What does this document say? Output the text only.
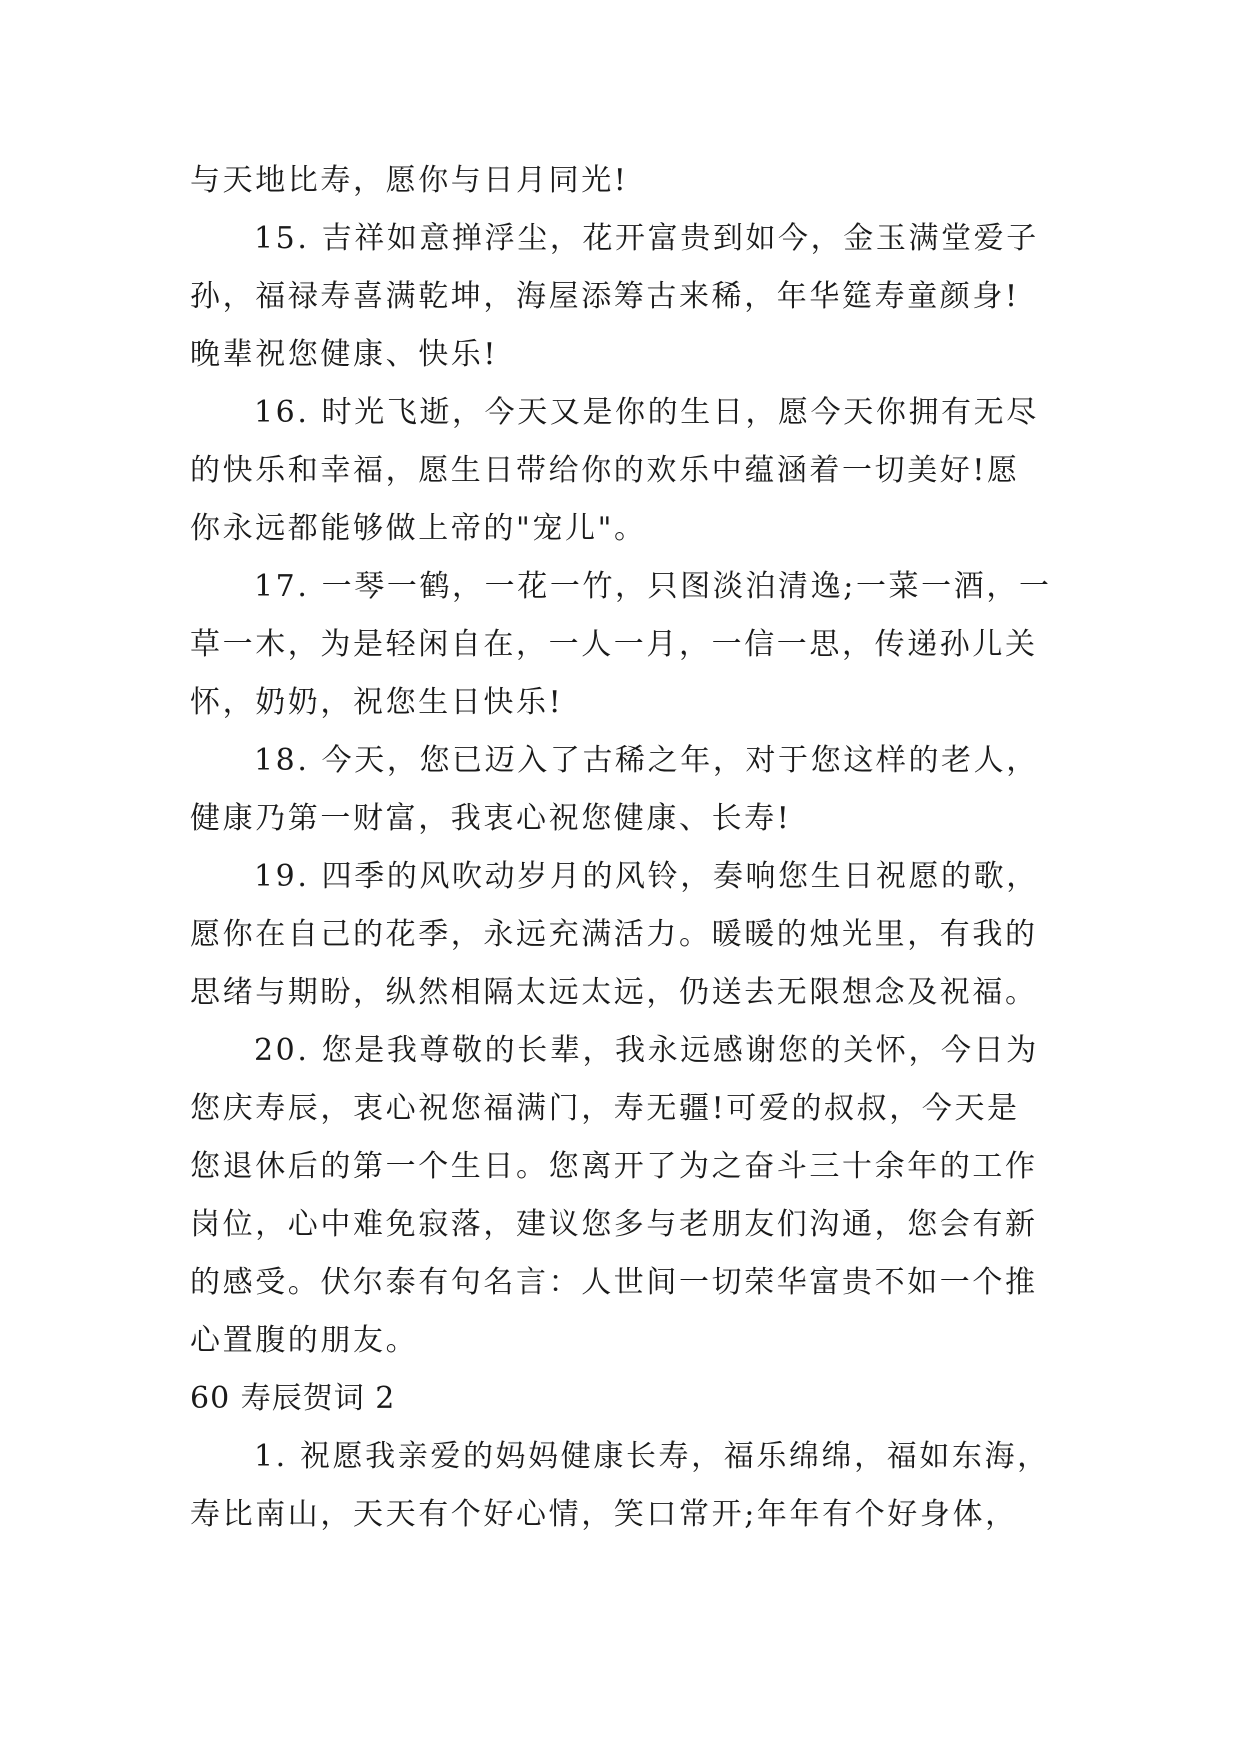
与天地比寿，愿你与日月同光!
15. 吉祥如意掸浮尘，花开富贵到如今，金玉满堂爱子
孙，福禄寿喜满乾坤，海屋添筹古来稀，年华筵寿童颜身!
晚辈祝您健康、快乐!
16. 时光飞逝，今天又是你的生日，愿今天你拥有无尽
的快乐和幸福，愿生日带给你的欢乐中蕴涵着一切美好!愿
你永远都能够做上帝的"宠儿"。
17. 一琴一鹤，一花一竹，只图淡泊清逸;一菜一酒，一
草一木，为是轻闲自在，一人一月，一信一思，传递孙儿关
怀，奶奶，祝您生日快乐!
18. 今天，您已迈入了古稀之年，对于您这样的老人，
健康乃第一财富，我衷心祝您健康、长寿!
19. 四季的风吹动岁月的风铃，奏响您生日祝愿的歌，
愿你在自己的花季，永远充满活力。暖暖的烛光里，有我的
思绪与期盼，纵然相隔太远太远，仍送去无限想念及祝福。
20. 您是我尊敬的长辈，我永远感谢您的关怀，今日为
您庆寿辰，衷心祝您福满门，寿无疆!可爱的叔叔，今天是
您退休后的第一个生日。您离开了为之奋斗三十余年的工作
岗位，心中难免寂落，建议您多与老朋友们沟通，您会有新
的感受。伏尔泰有句名言：人世间一切荣华富贵不如一个推
心置腹的朋友。
60 寿辰贺词 2
1. 祝愿我亲爱的妈妈健康长寿，福乐绵绵，福如东海，
寿比南山，天天有个好心情，笑口常开;年年有个好身体，
